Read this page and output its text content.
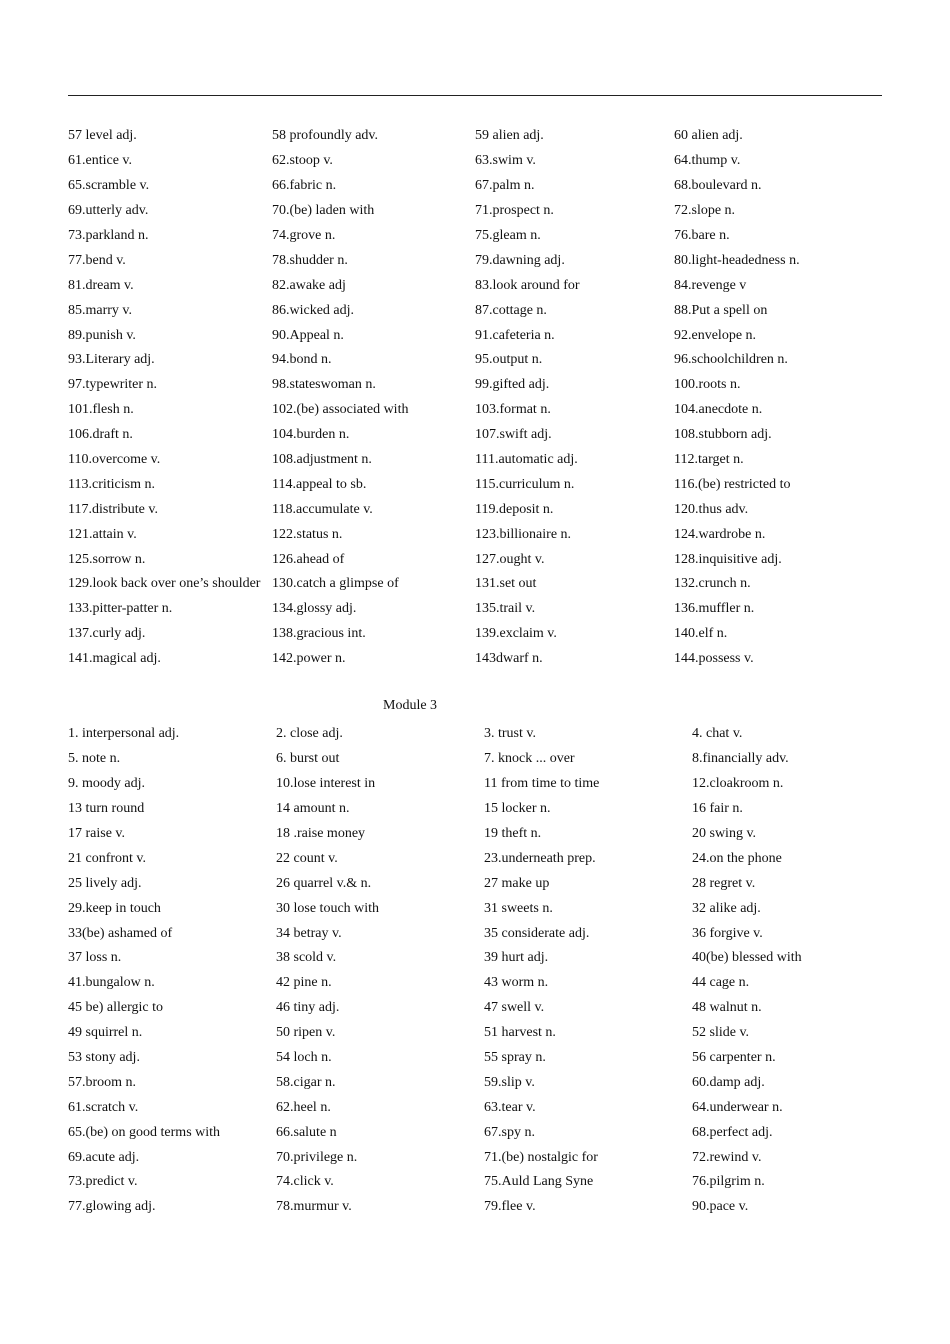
57 level adj.	58 profoundly adv.	59 alien adj.	60 alien adj.
61.entice v.	62.stoop v.	63.swim v.	64.thump v.
65.scramble v.	66.fabric n.	67.palm n.	68.boulevard n.
69.utterly adv.	70.(be) laden with	71.prospect n.	72.slope n.
73.parkland n.	74.grove n.	75.gleam n.	76.bare n.
77.bend v.	78.shudder n.	79.dawning adj.	80.light-headedness n.
81.dream v.	82.awake adj	83.look around for	84.revenge v
85.marry v.	86.wicked adj.	87.cottage n.	88.Put a spell on
89.punish v.	90.Appeal n.	91.cafeteria n.	92.envelope n.
93.Literary adj.	94.bond n.	95.output n.	96.schoolchildren n.
97.typewriter n.	98.stateswoman n.	99.gifted adj.	100.roots n.
101.flesh n.	102.(be) associated with	103.format n.	104.anecdote n.
106.draft n.	104.burden n.	107.swift adj.	108.stubborn adj.
110.overcome v.	108.adjustment n.	111.automatic adj.	112.target n.
113.criticism n.	114.appeal to sb.	115.curriculum n.	116.(be) restricted to
117.distribute v.	118.accumulate v.	119.deposit n.	120.thus adv.
121.attain v.	122.status n.	123.billionaire n.	124.wardrobe n.
125.sorrow n.	126.ahead of	127.ought v.	128.inquisitive adj.
129.look back over one’s shoulder 130.catch a glimpse of	131.set out	132.crunch n.
133.pitter-patter n.	134.glossy adj.	135.trail v.	136.muffler n.
137.curly adj.	138.gracious int.	139.exclaim v.	140.elf n.
141.magical adj.	142.power n.	143dwarf n.	144.possess v.
Module 3
1. interpersonal adj.	2. close adj.	3. trust v.	4. chat v.
5. note n.	6. burst out	7. knock ... over	8.financially adv.
9. moody adj.	10.lose interest in	11 from time to time	12.cloakroom n.
13 turn round	14 amount n.	15 locker n.	16 fair n.
17 raise v.	18 .raise money	19 theft n.	20 swing v.
21 confront v.	22 count v.	23.underneath prep.	24.on the phone
25 lively adj.	26 quarrel v.& n.	27 make up	28 regret v.
29.keep in touch	30 lose touch with	31 sweets n.	32 alike adj.
33(be) ashamed of	34 betray v.	35 considerate adj.	36 forgive v.
37 loss n.	38 scold v.	39 hurt adj.	40(be) blessed with
41.bungalow n.	42 pine n.	43 worm n.	44 cage n.
45 be) allergic to	46 tiny adj.	47 swell v.	48 walnut n.
49 squirrel n.	50 ripen v.	51 harvest n.	52 slide v.
53 stony adj.	54 loch n.	55 spray n.	56 carpenter n.
57.broom n.	58.cigar n.	59.slip v.	60.damp adj.
61.scratch v.	62.heel n.	63.tear v.	64.underwear n.
65.(be) on good terms with	66.salute n	67.spy n.	68.perfect adj.
69.acute adj.	70.privilege n.	71.(be) nostalgic for	72.rewind v.
73.predict v.	74.click v.	75.Auld Lang Syne	76.pilgrim n.
77.glowing adj.	78.murmur v.	79.flee v.	90.pace v.
